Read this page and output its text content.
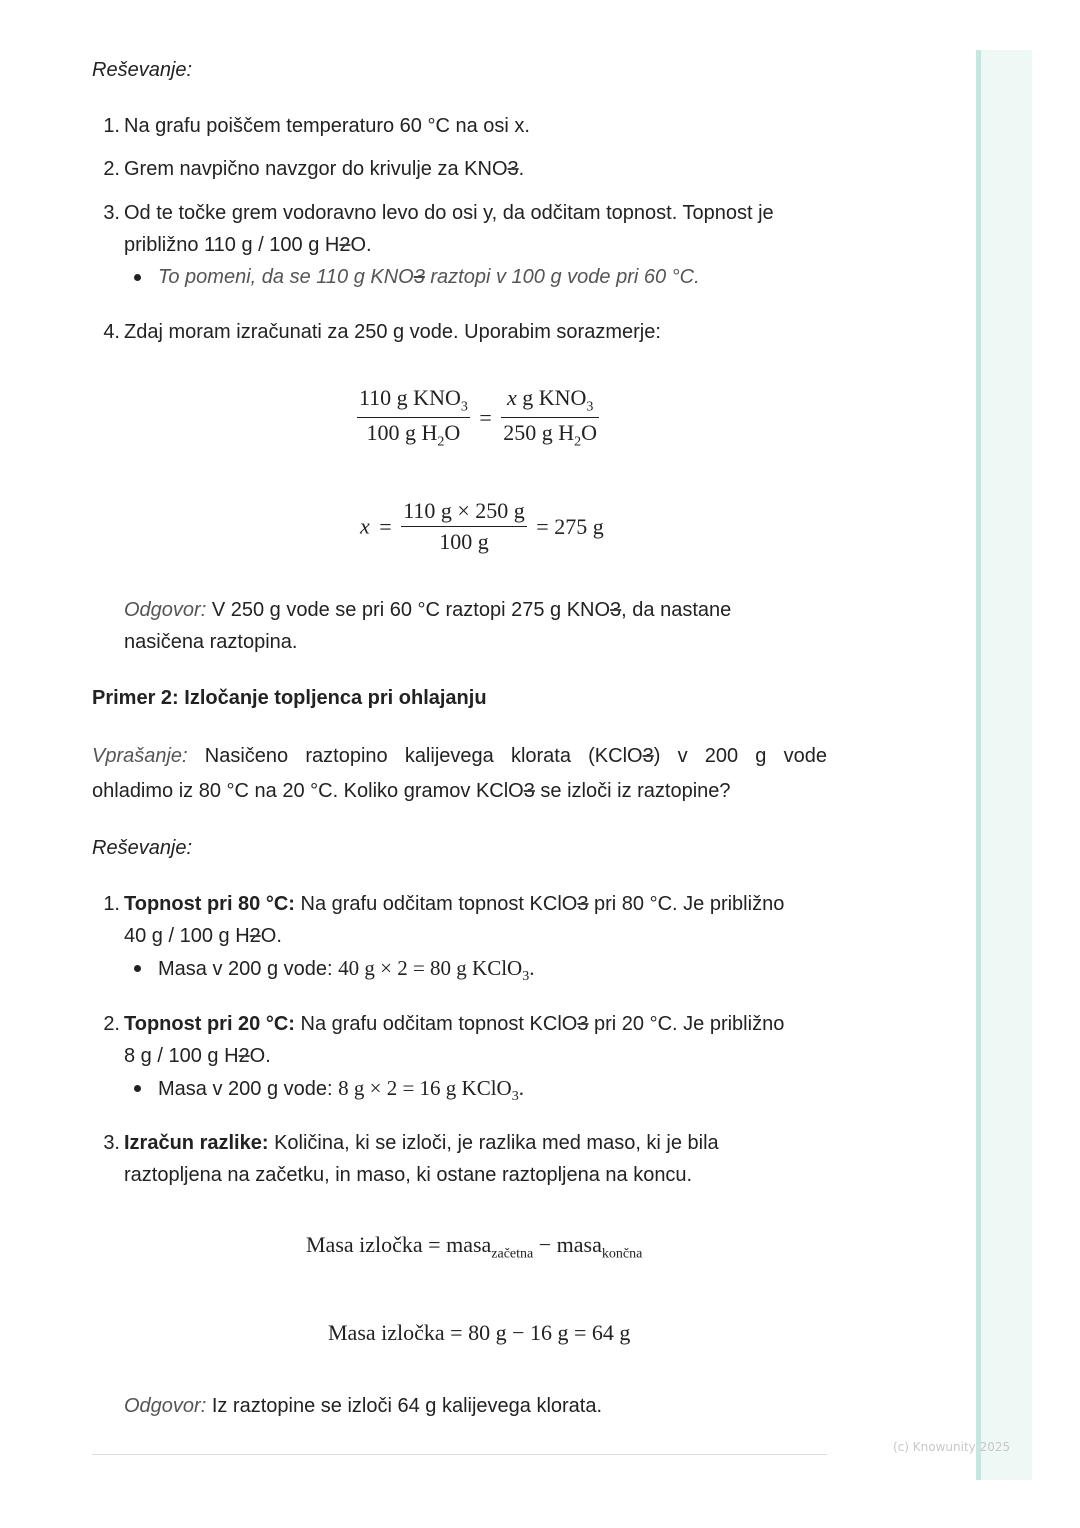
Reševanje:
1. Na grafu poiščem temperaturo 60 °C na osi x.
2. Grem navpično navzgor do krivulje za KNO3.
3. Od te točke grem vodoravno levo do osi y, da odčitam topnost. Topnost je
približno 110 g / 100 g H2O.
To pomeni, da se 110 g KNO3 raztopi v 100 g vode pri 60 °C.
4. Zdaj moram izračunati za 250 g vode. Uporabim sorazmerje:
$\frac{110 g KNO_3}{100 g H_2O} = \frac{x g KNO_3}{250 g H_2O}$
$x = \frac{110 g \times 250 g}{100 g} = 275$ g
Odgovor: V 250 g vode se pri 60 °C raztopi 275 g KNO3, da nastane
nasičena raztopina.
Primer 2: Izločanje topljenca pri ohlajanju
Vprašanje: Nasičeno raztopino kalijevega klorata (KClO3) v 200 g vode
ohladimo iz 80 °C na 20 °C. Koliko gramov KClO3 se izloči iz raztopine?
Reševanje:
1. Topnost pri 80 °C: Na grafu odčitam topnost KClO3 pri 80 °C. Je približno
40 g / 100 g H2O.
Masa v 200 g vode: 40 g × 2 = 80 g KClO$_3$.
2. Topnost pri 20 °C: Na grafu odčitam topnost KClO3 pri 20 °C. Je približno
8 g / 100 g H2O.
Masa v 200 g vode: 8 g × 2 = 16 g KClO$_3$.
3. Izračun razlike: Količina, ki se izloči, je razlika med maso, ki je bila
raztopljena na začetku, in maso, ki ostane raztopljena na koncu.
Masa izločka = masa$_{začetna}$ − masa$_{končna}$
Masa izločka = 80 g − 16 g = 64 g
Odgovor: Iz raztopine se izloči 64 g kalijevega klorata.
(c) Knowunity 2025
